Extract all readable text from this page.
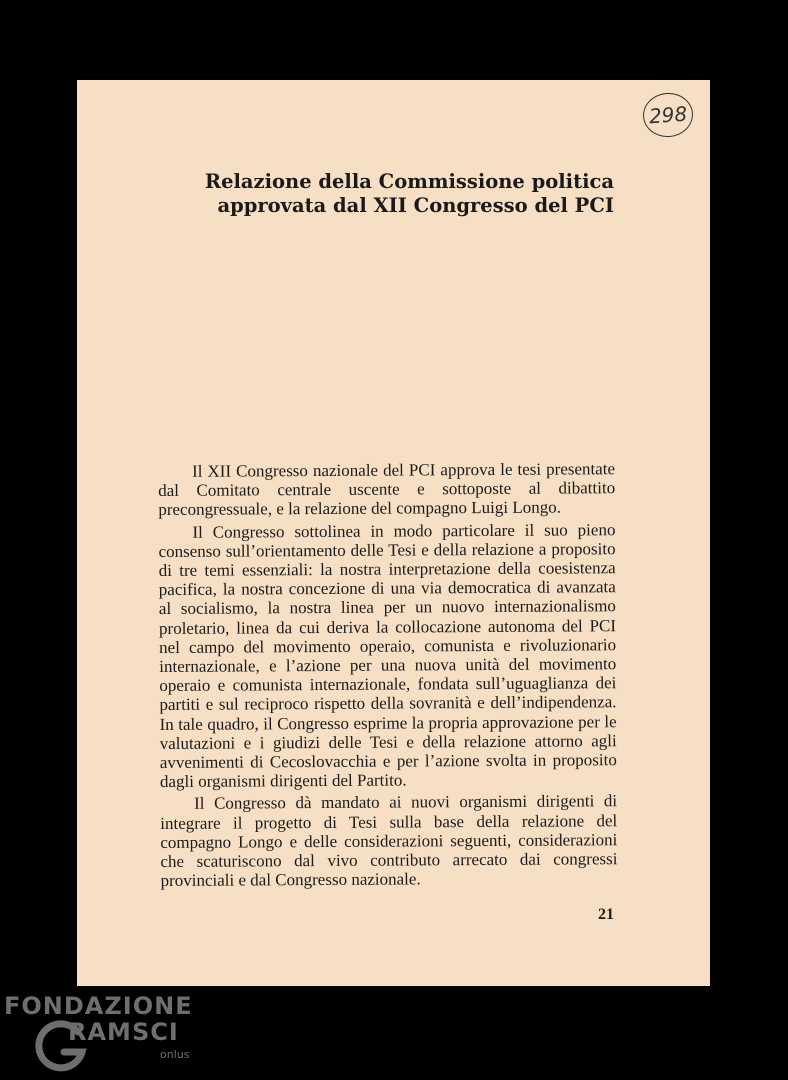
298
Relazione della Commissione politica
approvata dal XII Congresso del PCI

Il XII Congresso nazionale del PCI approva le tesi presentate dal Comitato centrale uscente e sottoposte al dibattito precongressuale, e la relazione del compagno Luigi Longo.

Il Congresso sottolinea in modo particolare il suo pieno consenso sull’orientamento delle Tesi e della relazione a proposito di tre temi essenziali: la nostra interpretazione della coesistenza pacifica, la nostra concezione di una via democratica di avanzata al socialismo, la nostra linea per un nuovo internazionalismo proletario, linea da cui deriva la collocazione autonoma del PCI nel campo del movimento operaio, comunista e rivoluzionario internazionale, e l’azione per una nuova unità del movimento operaio e comunista internazionale, fondata sull’uguaglianza dei partiti e sul reciproco rispetto della sovranità e dell’indipendenza. In tale quadro, il Congresso esprime la propria approvazione per le valutazioni e i giudizi delle Tesi e della relazione attorno agli avvenimenti di Cecoslovacchia e per l’azione svolta in proposito dagli organismi dirigenti del Partito.

Il Congresso dà mandato ai nuovi organismi dirigenti di integrare il progetto di Tesi sulla base della relazione del compagno Longo e delle considerazioni seguenti, considerazioni che scaturiscono dal vivo contributo arrecato dai congressi provinciali e dal Congresso nazionale.

21
FONDAZIONE
RAMSCI
onlus
